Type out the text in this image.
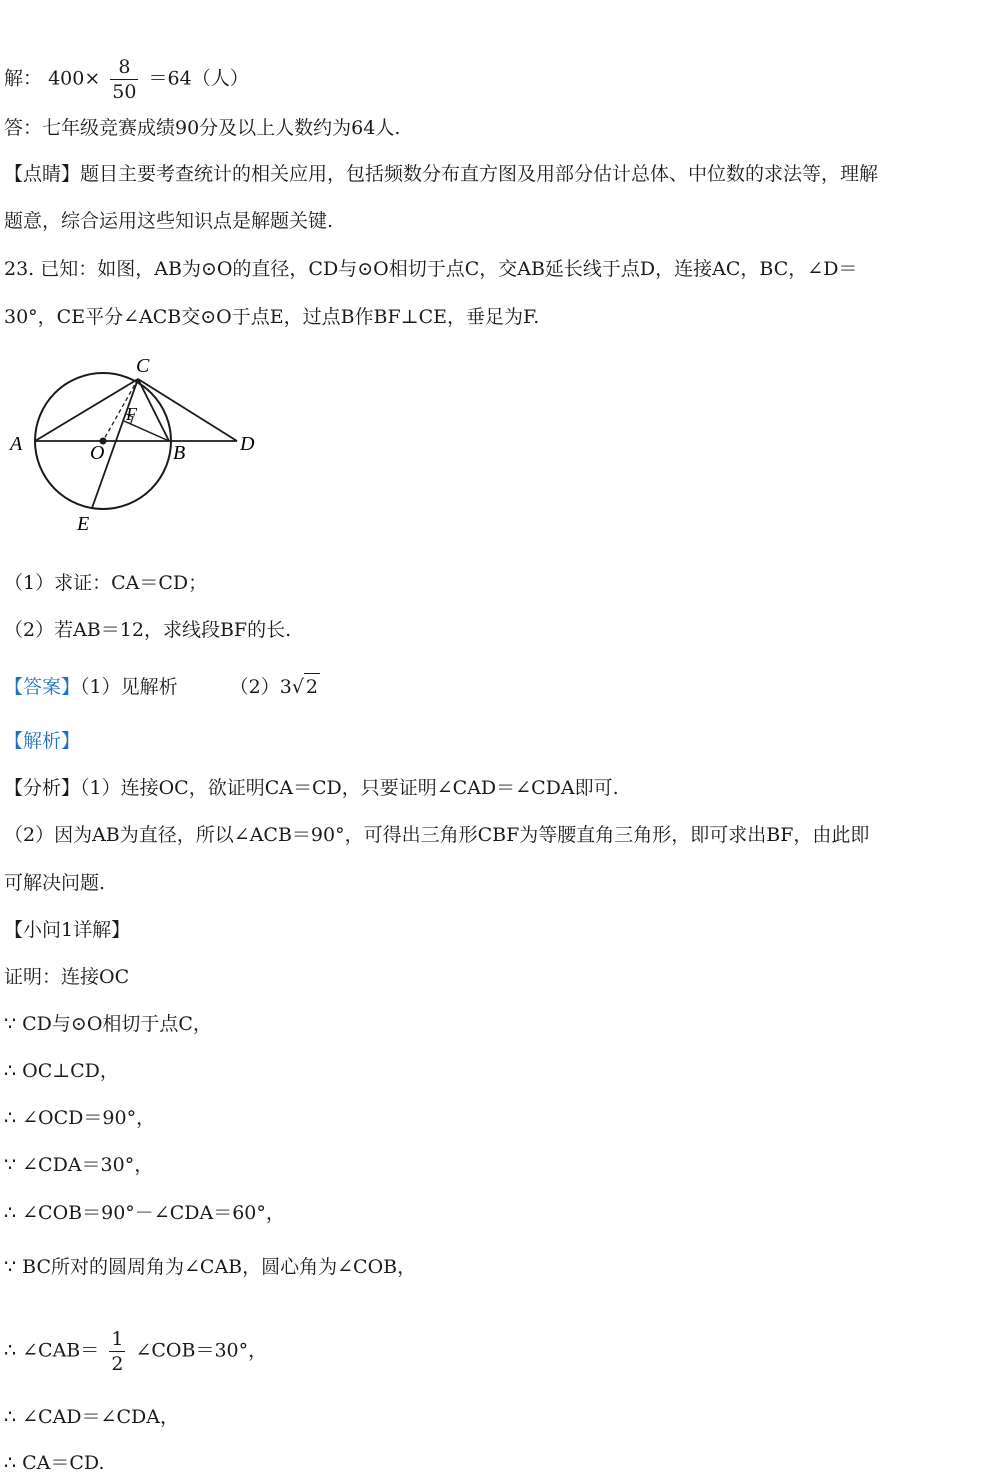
解： $400\times \frac{8}{50} =64$（人）
答：七年级竞赛成绩90分及以上人数约为64人.
【点睛】题目主要考查统计的相关应用，包括频数分布直方图及用部分估计总体、中位数的求法等，理解
题意，综合运用这些知识点是解题关键.
23. 已知：如图，AB为⊙O的直径，CD与⊙O相切于点C，交AB延长线于点D，连接AC，BC，∠D＝
30°，CE平分∠ACB交⊙O于点E，过点B作BF⊥CE，垂足为F.
A	B
C
D
E
F
O
（1）求证：CA＝CD；
（2）若AB＝12，求线段BF的长.
【答案】（1）见解析	（2）3 √ 2
【解析】
【分析】（1）连接OC，欲证明CA＝CD，只要证明∠CAD＝∠CDA即可.
（2）因为AB为直径，所以∠ACB＝90°，可得出三角形CBF为等腰直角三角形，即可求出BF，由此即
可解决问题.
【小问1详解】
证明：连接OC
∵ CD与⊙O相切于点C，
∴ OC⊥CD，
∴ ∠OCD＝90°，
∵ ∠CDA＝30°，
∴ ∠COB＝90°－∠CDA＝60°，
∵ BC所对的圆周角为∠CAB，圆心角为∠COB，
∴ ∠CAB＝ $\frac{1}{2}$ ∠COB＝30°，
∴ ∠CAD＝∠CDA，
∴ CA＝CD.
